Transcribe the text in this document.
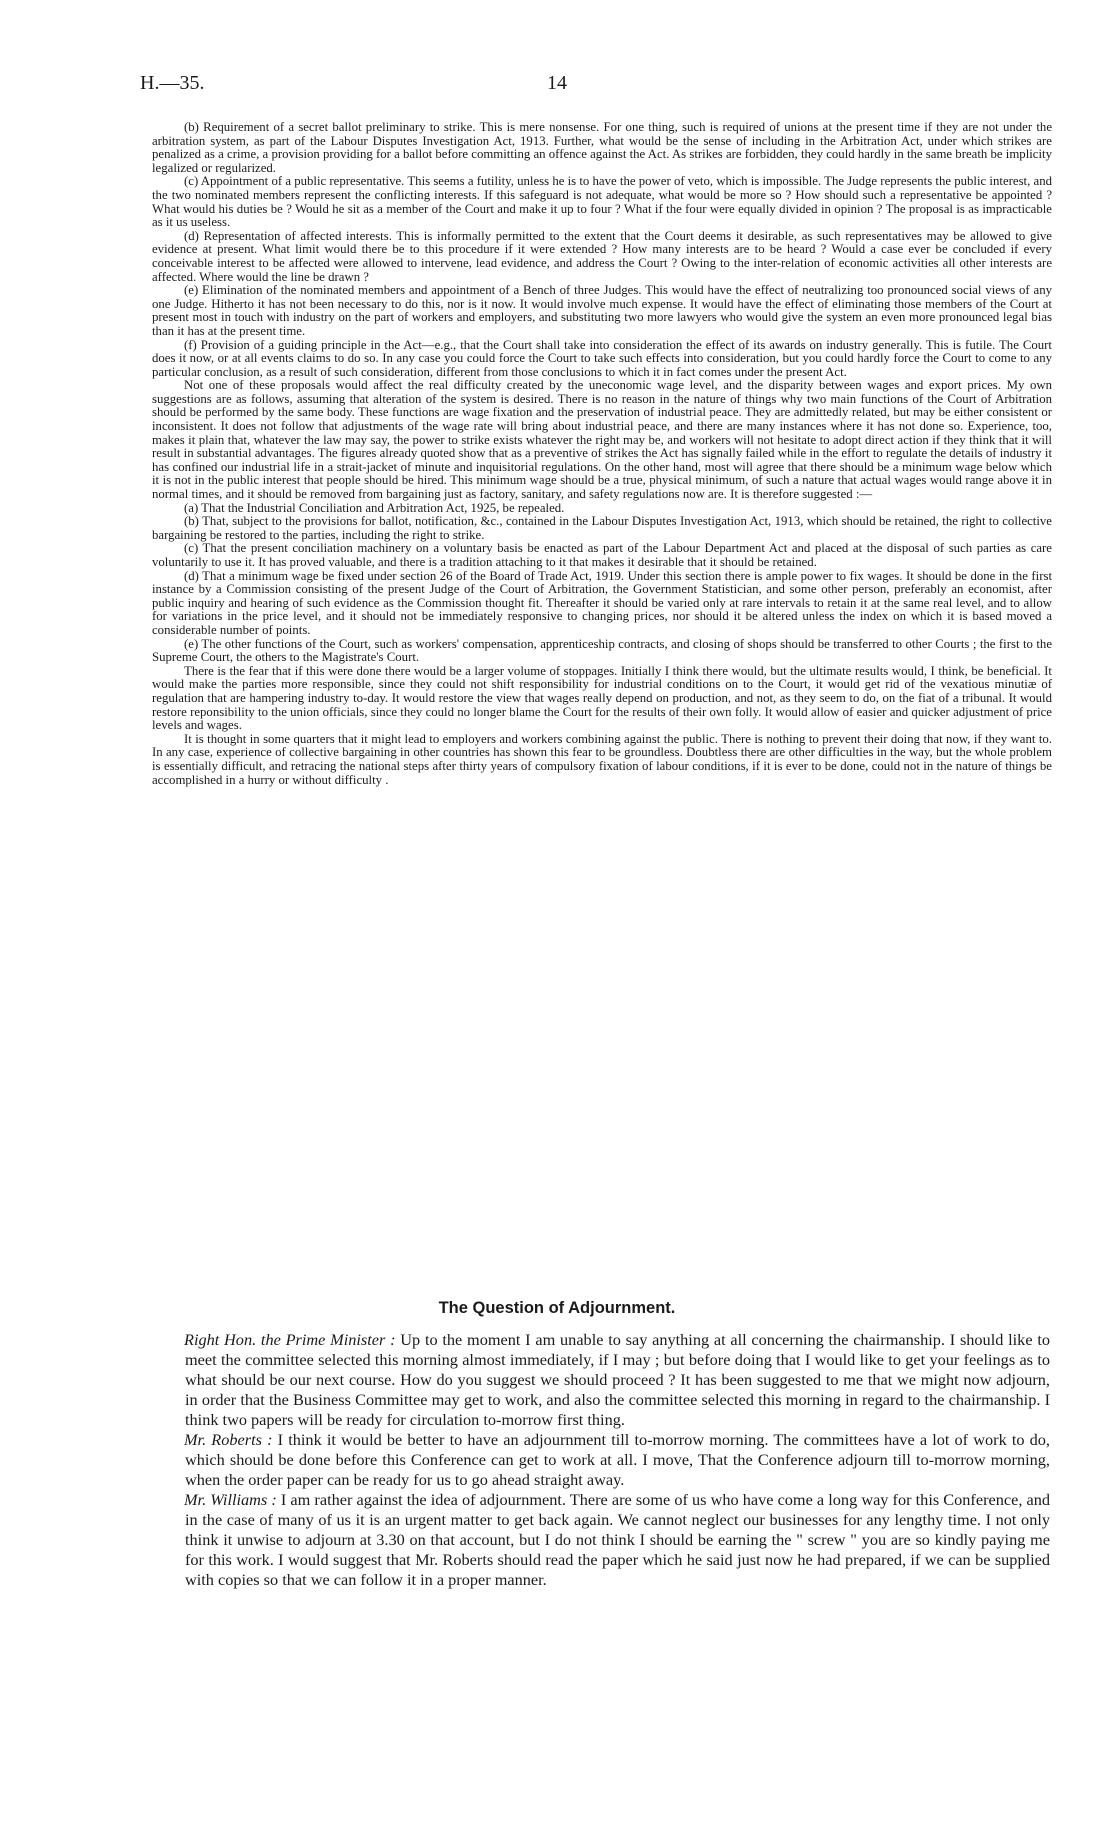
H.—35.	14

(b) Requirement of a secret ballot preliminary to strike. This is mere nonsense. For one thing, such is required of unions at the present time if they are not under the arbitration system, as part of the Labour Disputes Investigation Act, 1913. Further, what would be the sense of including in the Arbitration Act, under which strikes are penalized as a crime, a provision providing for a ballot before committing an offence against the Act. As strikes are forbidden, they could hardly in the same breath be implicity legalized or regularized.

(c) Appointment of a public representative. This seems a futility, unless he is to have the power of veto, which is impossible. The Judge represents the public interest, and the two nominated members represent the conflicting interests. If this safeguard is not adequate, what would be more so ? How should such a representative be appointed ? What would his duties be ? Would he sit as a member of the Court and make it up to four ? What if the four were equally divided in opinion ? The proposal is as impracticable as it us useless.

(d) Representation of affected interests. This is informally permitted to the extent that the Court deems it desirable, as such representatives may be allowed to give evidence at present. What limit would there be to this procedure if it were extended ? How many interests are to be heard ? Would a case ever be concluded if every conceivable interest to be affected were allowed to intervene, lead evidence, and address the Court ? Owing to the inter-relation of economic activities all other interests are affected. Where would the line be drawn ?

(e) Elimination of the nominated members and appointment of a Bench of three Judges. This would have the effect of neutralizing too pronounced social views of any one Judge. Hitherto it has not been necessary to do this, nor is it now. It would involve much expense. It would have the effect of eliminating those members of the Court at present most in touch with industry on the part of workers and employers, and substituting two more lawyers who would give the system an even more pronounced legal bias than it has at the present time.

(f) Provision of a guiding principle in the Act—e.g., that the Court shall take into consideration the effect of its awards on industry generally. This is futile. The Court does it now, or at all events claims to do so. In any case you could force the Court to take such effects into consideration, but you could hardly force the Court to come to any particular conclusion, as a result of such consideration, different from those conclusions to which it in fact comes under the present Act.

Not one of these proposals would affect the real difficulty created by the uneconomic wage level, and the disparity between wages and export prices. My own suggestions are as follows, assuming that alteration of the system is desired. There is no reason in the nature of things why two main functions of the Court of Arbitration should be performed by the same body. These functions are wage fixation and the preservation of industrial peace. They are admittedly related, but may be either consistent or inconsistent. It does not follow that adjustments of the wage rate will bring about industrial peace, and there are many instances where it has not done so. Experience, too, makes it plain that, whatever the law may say, the power to strike exists whatever the right may be, and workers will not hesitate to adopt direct action if they think that it will result in substantial advantages. The figures already quoted show that as a preventive of strikes the Act has signally failed while in the effort to regulate the details of industry it has confined our industrial life in a strait-jacket of minute and inquisitorial regulations. On the other hand, most will agree that there should be a minimum wage below which it is not in the public interest that people should be hired. This minimum wage should be a true, physical minimum, of such a nature that actual wages would range above it in normal times, and it should be removed from bargaining just as factory, sanitary, and safety regulations now are. It is therefore suggested :—

(a) That the Industrial Conciliation and Arbitration Act, 1925, be repealed.

(b) That, subject to the provisions for ballot, notification, &c., contained in the Labour Disputes Investigation Act, 1913, which should be retained, the right to collective bargaining be restored to the parties, including the right to strike.

(c) That the present conciliation machinery on a voluntary basis be enacted as part of the Labour Department Act and placed at the disposal of such parties as care voluntarily to use it. It has proved valuable, and there is a tradition attaching to it that makes it desirable that it should be retained.

(d) That a minimum wage be fixed under section 26 of the Board of Trade Act, 1919. Under this section there is ample power to fix wages. It should be done in the first instance by a Commission consisting of the present Judge of the Court of Arbitration, the Government Statistician, and some other person, preferably an economist, after public inquiry and hearing of such evidence as the Commission thought fit. Thereafter it should be varied only at rare intervals to retain it at the same real level, and to allow for variations in the price level, and it should not be immediately responsive to changing prices, nor should it be altered unless the index on which it is based moved a considerable number of points.

(e) The other functions of the Court, such as workers' compensation, apprenticeship contracts, and closing of shops should be transferred to other Courts ; the first to the Supreme Court, the others to the Magistrate's Court.

There is the fear that if this were done there would be a larger volume of stoppages. Initially I think there would, but the ultimate results would, I think, be beneficial. It would make the parties more responsible, since they could not shift responsibility for industrial conditions on to the Court, it would get rid of the vexatious minutiæ of regulation that are hampering industry to-day. It would restore the view that wages really depend on production, and not, as they seem to do, on the fiat of a tribunal. It would restore reponsibility to the union officials, since they could no longer blame the Court for the results of their own folly. It would allow of easier and quicker adjustment of price levels and wages.

It is thought in some quarters that it might lead to employers and workers combining against the public. There is nothing to prevent their doing that now, if they want to. In any case, experience of collective bargaining in other countries has shown this fear to be groundless. Doubtless there are other difficulties in the way, but the whole problem is essentially difficult, and retracing the national steps after thirty years of compulsory fixation of labour conditions, if it is ever to be done, could not in the nature of things be accomplished in a hurry or without difficulty .

The Question of Adjournment.

Right Hon. the Prime Minister : Up to the moment I am unable to say anything at all concerning the chairmanship. I should like to meet the committee selected this morning almost immediately, if I may ; but before doing that I would like to get your feelings as to what should be our next course. How do you suggest we should proceed ? It has been suggested to me that we might now adjourn, in order that the Business Committee may get to work, and also the committee selected this morning in regard to the chairmanship. I think two papers will be ready for circulation to-morrow first thing.

Mr. Roberts : I think it would be better to have an adjournment till to-morrow morning. The committees have a lot of work to do, which should be done before this Conference can get to work at all. I move, That the Conference adjourn till to-morrow morning, when the order paper can be ready for us to go ahead straight away.

Mr. Williams : I am rather against the idea of adjournment. There are some of us who have come a long way for this Conference, and in the case of many of us it is an urgent matter to get back again. We cannot neglect our businesses for any lengthy time. I not only think it unwise to adjourn at 3.30 on that account, but I do not think I should be earning the " screw " you are so kindly paying me for this work. I would suggest that Mr. Roberts should read the paper which he said just now he had prepared, if we can be supplied with copies so that we can follow it in a proper manner.
